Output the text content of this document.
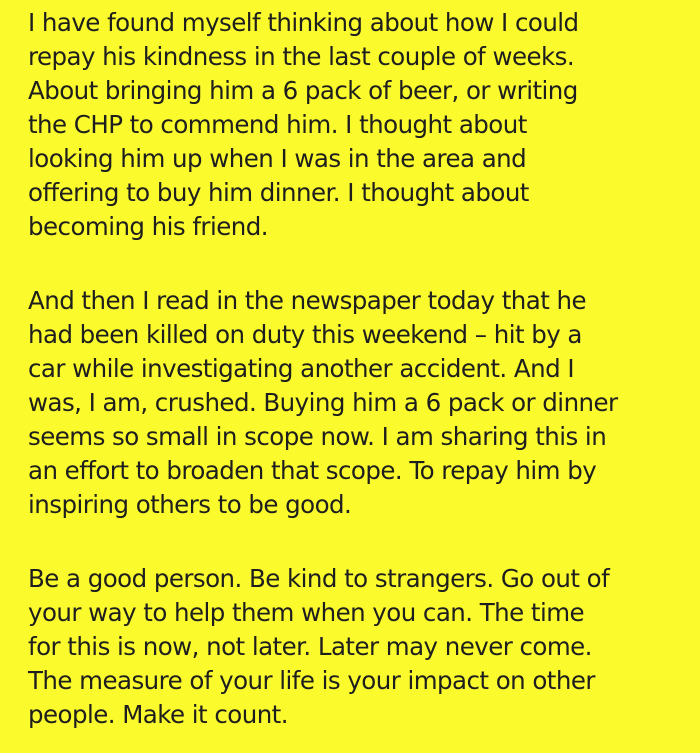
I have found myself thinking about how I could
repay his kindness in the last couple of weeks.
About bringing him a 6 pack of beer, or writing
the CHP to commend him. I thought about
looking him up when I was in the area and
offering to buy him dinner. I thought about
becoming his friend.

And then I read in the newspaper today that he
had been killed on duty this weekend – hit by a
car while investigating another accident. And I
was, I am, crushed. Buying him a 6 pack or dinner
seems so small in scope now. I am sharing this in
an effort to broaden that scope. To repay him by
inspiring others to be good.

Be a good person. Be kind to strangers. Go out of
your way to help them when you can. The time
for this is now, not later. Later may never come.
The measure of your life is your impact on other
people. Make it count.
